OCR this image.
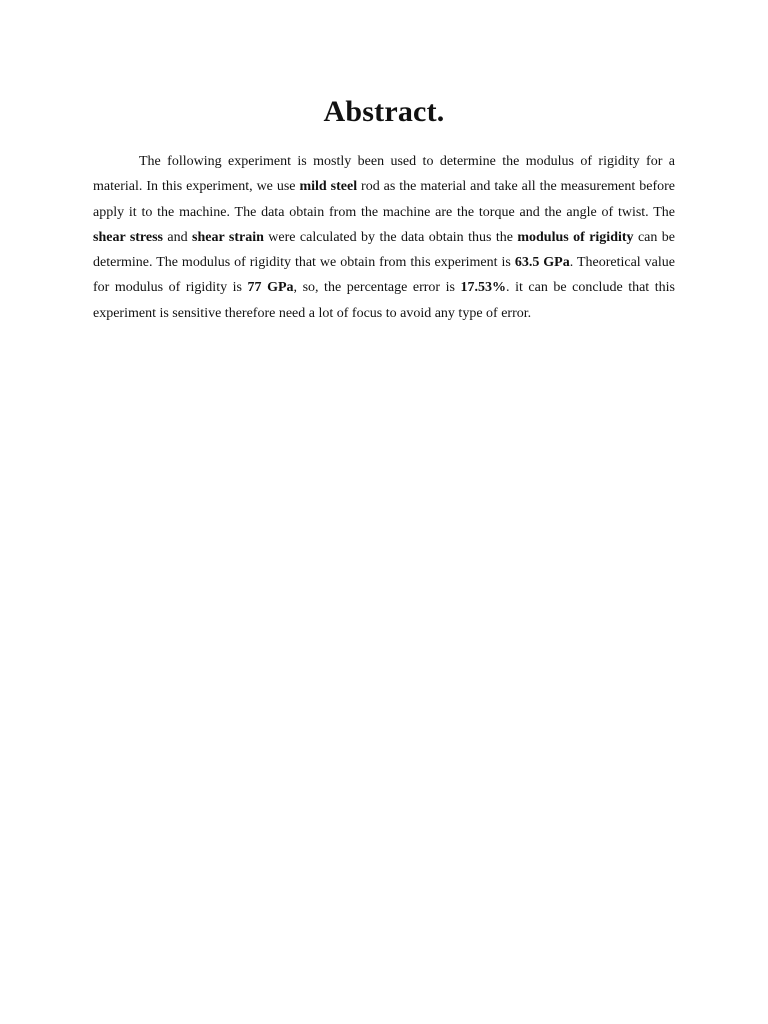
Abstract.

The following experiment is mostly been used to determine the modulus of rigidity for a material. In this experiment, we use mild steel rod as the material and take all the measurement before apply it to the machine. The data obtain from the machine are the torque and the angle of twist. The shear stress and shear strain were calculated by the data obtain thus the modulus of rigidity can be determine. The modulus of rigidity that we obtain from this experiment is 63.5 GPa. Theoretical value for modulus of rigidity is 77 GPa, so, the percentage error is 17.53%. it can be conclude that this experiment is sensitive therefore need a lot of focus to avoid any type of error.
